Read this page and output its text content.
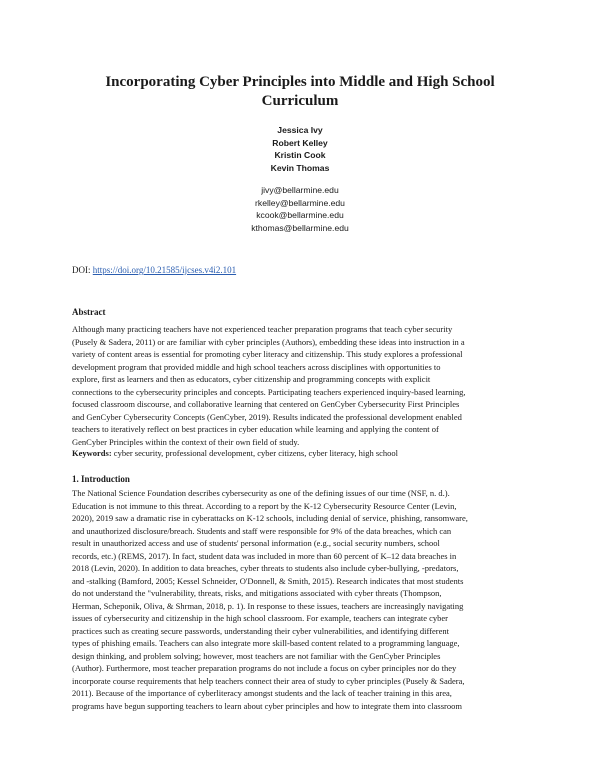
Incorporating Cyber Principles into Middle and High School Curriculum
Jessica Ivy
Robert Kelley
Kristin Cook
Kevin Thomas
jivy@bellarmine.edu
rkelley@bellarmine.edu
kcook@bellarmine.edu
kthomas@bellarmine.edu
DOI: https://doi.org/10.21585/ijcses.v4i2.101
Abstract
Although many practicing teachers have not experienced teacher preparation programs that teach cyber security
(Pusely & Sadera, 2011) or are familiar with cyber principles (Authors), embedding these ideas into instruction in a
variety of content areas is essential for promoting cyber literacy and citizenship. This study explores a professional
development program that provided middle and high school teachers across disciplines with opportunities to
explore, first as learners and then as educators, cyber citizenship and programming concepts with explicit
connections to the cybersecurity principles and concepts. Participating teachers experienced inquiry-based learning,
focused classroom discourse, and collaborative learning that centered on GenCyber Cybersecurity First Principles
and GenCyber Cybersecurity Concepts (GenCyber, 2019). Results indicated the professional development enabled
teachers to iteratively reflect on best practices in cyber education while learning and applying the content of
GenCyber Principles within the context of their own field of study.
Keywords: cyber security, professional development, cyber citizens, cyber literacy, high school
1. Introduction
The National Science Foundation describes cybersecurity as one of the defining issues of our time (NSF, n. d.).
Education is not immune to this threat. According to a report by the K-12 Cybersecurity Resource Center (Levin,
2020), 2019 saw a dramatic rise in cyberattacks on K-12 schools, including denial of service, phishing, ransomware,
and unauthorized disclosure/breach. Students and staff were responsible for 9% of the data breaches, which can
result in unauthorized access and use of students' personal information (e.g., social security numbers, school
records, etc.) (REMS, 2017). In fact, student data was included in more than 60 percent of K–12 data breaches in
2018 (Levin, 2020). In addition to data breaches, cyber threats to students also include cyber-bullying, -predators,
and -stalking (Bamford, 2005; Kessel Schneider, O'Donnell, & Smith, 2015). Research indicates that most students
do not understand the "vulnerability, threats, risks, and mitigations associated with cyber threats (Thompson,
Herman, Scheponik, Oliva, & Shrman, 2018, p. 1). In response to these issues, teachers are increasingly navigating
issues of cybersecurity and citizenship in the high school classroom. For example, teachers can integrate cyber
practices such as creating secure passwords, understanding their cyber vulnerabilities, and identifying different
types of phishing emails. Teachers can also integrate more skill-based content related to a programming language,
design thinking, and problem solving; however, most teachers are not familiar with the GenCyber Principles
(Author). Furthermore, most teacher preparation programs do not include a focus on cyber principles nor do they
incorporate course requirements that help teachers connect their area of study to cyber principles (Pusely & Sadera,
2011). Because of the importance of cyberliteracy amongst students and the lack of teacher training in this area,
programs have begun supporting teachers to learn about cyber principles and how to integrate them into classroom
